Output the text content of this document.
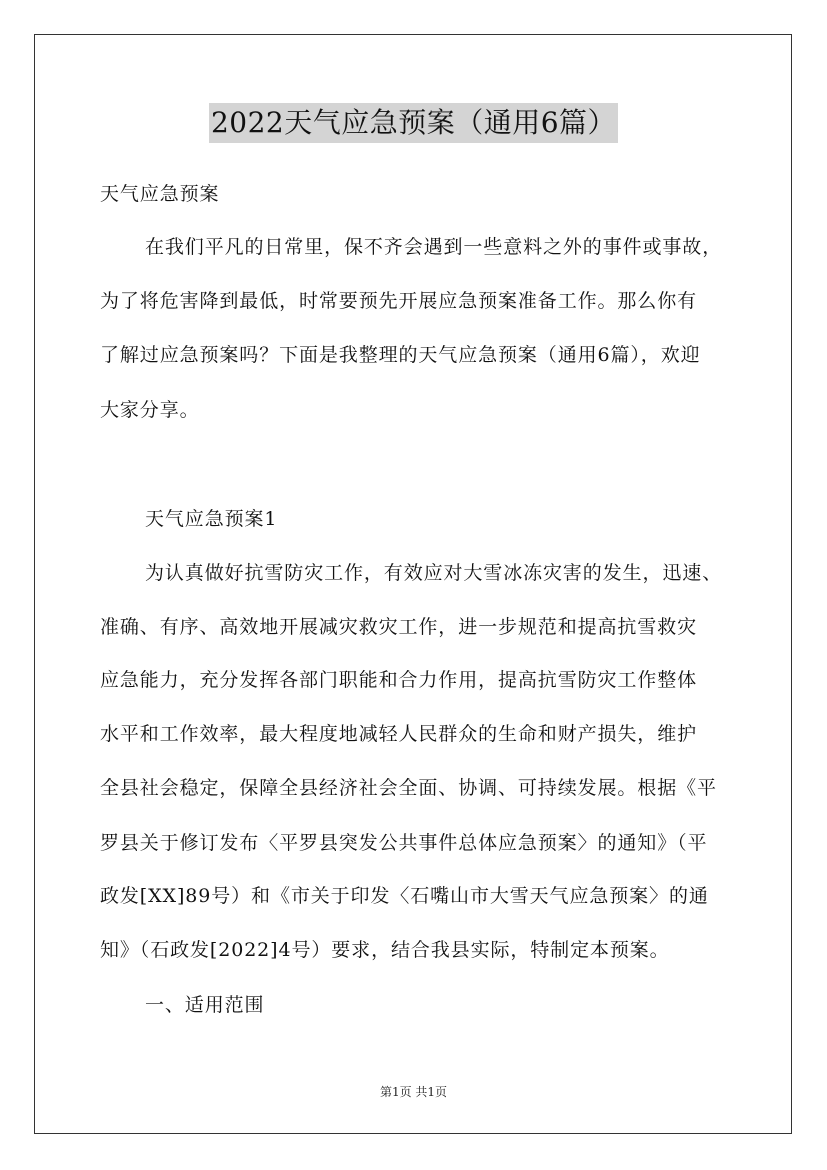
2022天气应急预案（通用6篇）
天气应急预案
在我们平凡的日常里，保不齐会遇到一些意料之外的事件或事故，
为了将危害降到最低，时常要预先开展应急预案准备工作。那么你有
了解过应急预案吗？下面是我整理的天气应急预案（通用6篇），欢迎
大家分享。
天气应急预案1
为认真做好抗雪防灾工作，有效应对大雪冰冻灾害的发生，迅速、
准确、有序、高效地开展减灾救灾工作，进一步规范和提高抗雪救灾
应急能力，充分发挥各部门职能和合力作用，提高抗雪防灾工作整体
水平和工作效率，最大程度地减轻人民群众的生命和财产损失，维护
全县社会稳定，保障全县经济社会全面、协调、可持续发展。根据《平
罗县关于修订发布〈平罗县突发公共事件总体应急预案〉的通知》（平
政发[XX]89号）和《市关于印发〈石嘴山市大雪天气应急预案〉的通
知》（石政发[2022]4号）要求，结合我县实际，特制定本预案。
一、适用范围
第1页 共1页
